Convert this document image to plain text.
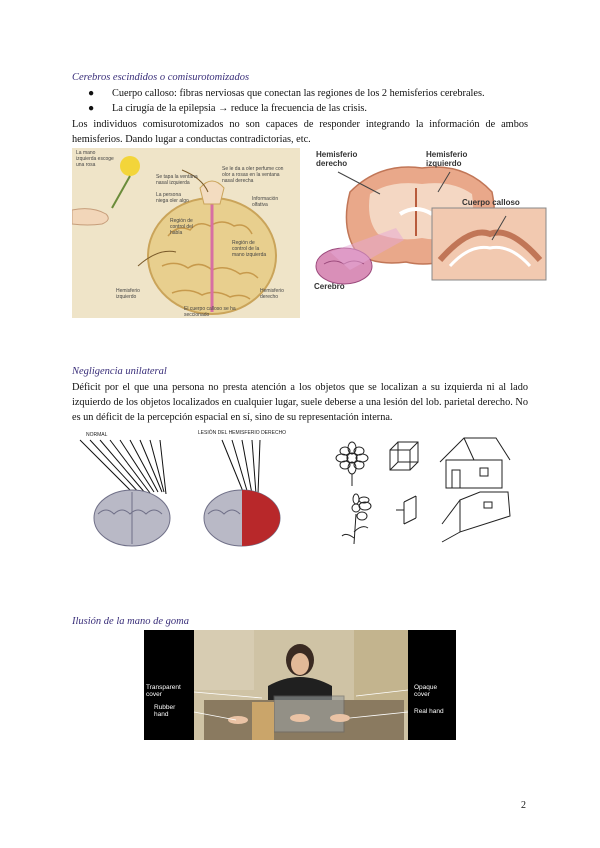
Cerebros escindidos o comisurotomizados
● Cuerpo calloso: fibras nerviosas que conectan las regiones de los 2 hemisferios cerebrales.
● La cirugía de la epilepsia → reduce la frecuencia de las crisis.
Los individuos comisurotomizados no son capaces de responder integrando la información de ambos hemisferios. Dando lugar a conductas contradictorias, etc.
La mano izquierda escoge una rosa
Se tapa la ventana nasal izquierda
Se le da a oler perfume con olor a rosas en la ventana nasal derecha
La persona niega oler algo	Información olfativa
Región de control del habla
Región de control de la mano izquierda
Hemisferio izquierdo
Hemisferio derecho
El cuerpo calloso se ha seccionado
Hemisferio derecho
Hemisferio izquierdo
Cuerpo calloso
Cerebro
Negligencia unilateral
Déficit por el que una persona no presta atención a los objetos que se localizan a su izquierda ni al lado izquierdo de los objetos localizados en cualquier lugar, suele deberse a una lesión del lob. parietal derecho. No es un déficit de la percepción espacial en sí, sino de su representación interna.
NORMAL	LESIÓN DEL HEMISFERIO DERECHO
Ilusión de la mano de goma
Transparent cover
Rubber hand
Opaque cover
Real hand
2
